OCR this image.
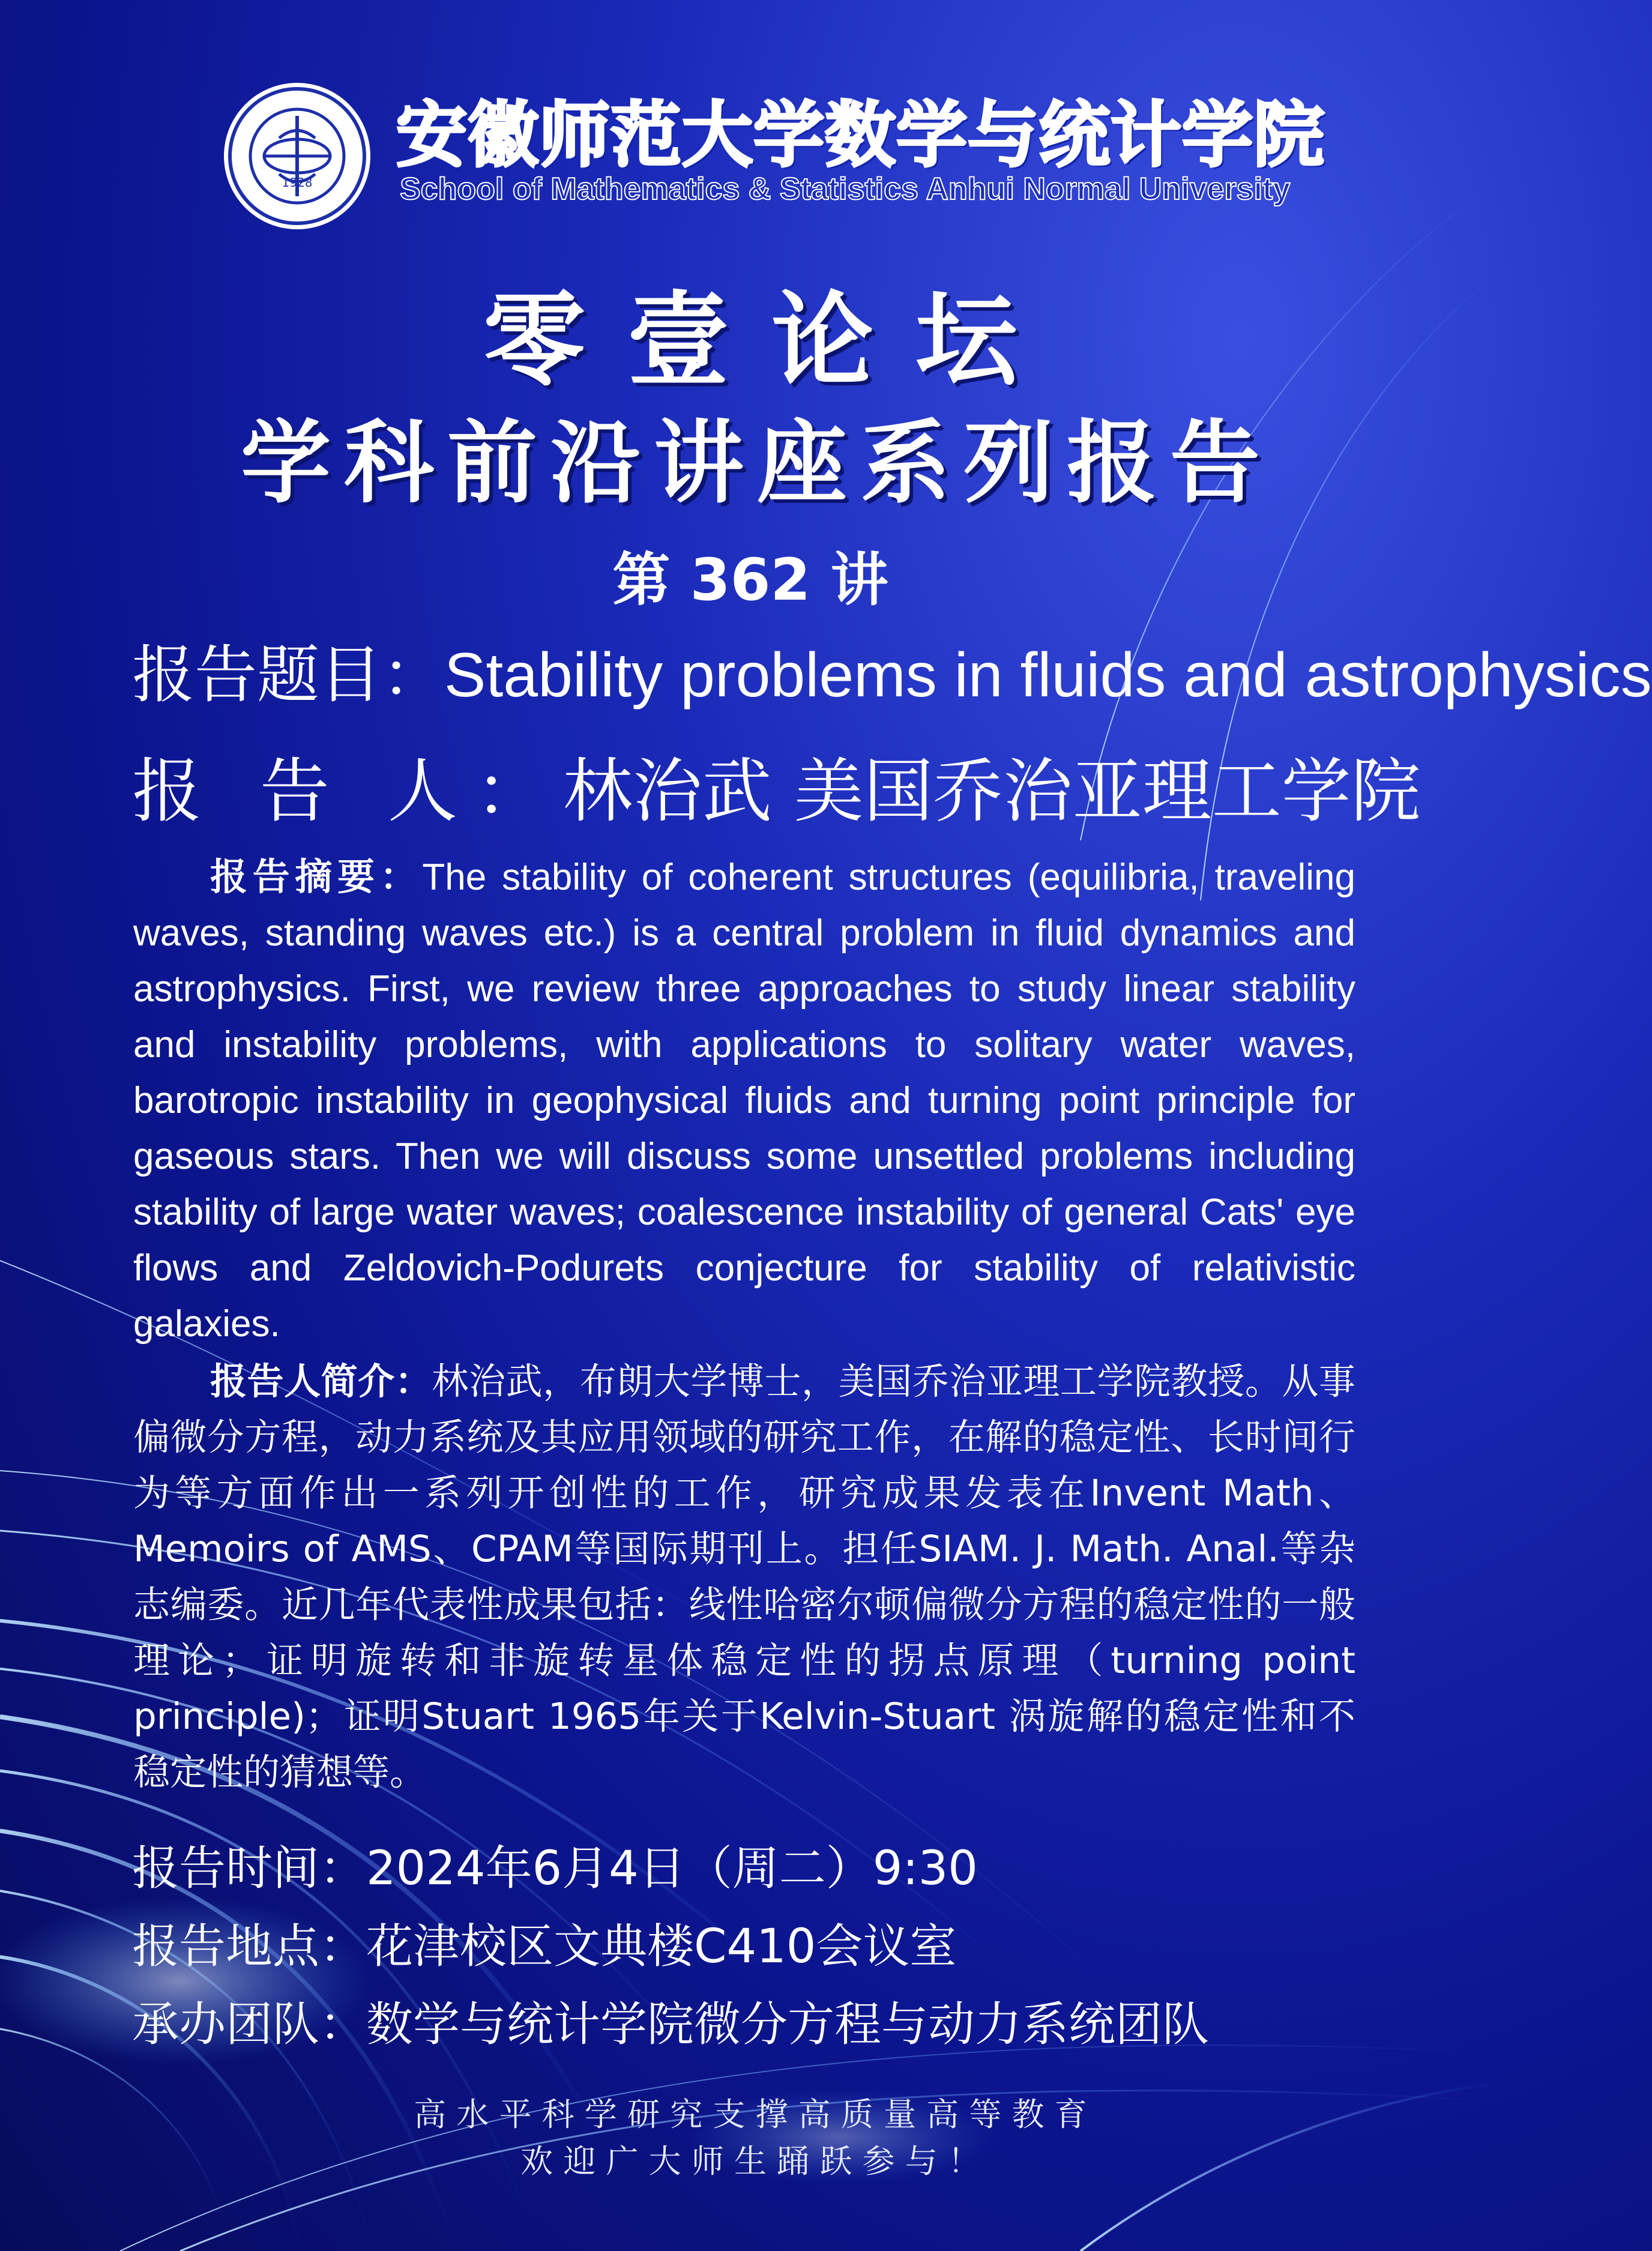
1928
安徽师范大学数学与统计学院
School of Mathematics & Statistics Anhui Normal University
零壹论坛
学科前沿讲座系列报告
第 362 讲
报告题目：Stability problems in fluids and astrophysics
报 告 人：林治武 美国乔治亚理工学院
报告摘要：The stability of coherent structures (equilibria, traveling waves, standing waves etc.) is a central problem in fluid dynamics and astrophysics. First, we review three approaches to study linear stability and instability problems, with applications to solitary water waves, barotropic instability in geophysical fluids and turning point principle for gaseous stars. Then we will discuss some unsettled problems including stability of large water waves; coalescence instability of general Cats' eye flows and Zeldovich-Podurets conjecture for stability of relativistic galaxies.
报告人简介：林治武，布朗大学博士，美国乔治亚理工学院教授。从事偏微分方程，动力系统及其应用领域的研究工作，在解的稳定性、长时间行为等方面作出一系列开创性的工作，研究成果发表在Invent Math、Memoirs of AMS、CPAM等国际期刊上。担任SIAM. J. Math. Anal.等杂志编委。近几年代表性成果包括：线性哈密尔顿偏微分方程的稳定性的一般理论；证明旋转和非旋转星体稳定性的拐点原理（turning point principle)；证明Stuart 1965年关于Kelvin-Stuart 涡旋解的稳定性和不稳定性的猜想等。
报告时间：2024年6月4日（周二）9:30
报告地点：花津校区文典楼C410会议室
承办团队：数学与统计学院微分方程与动力系统团队
高 水 平 科 学 研 究 支 撑 高 质 量 高 等 教 育
欢 迎 广 大 师 生 踊 跃 参 与 ！
